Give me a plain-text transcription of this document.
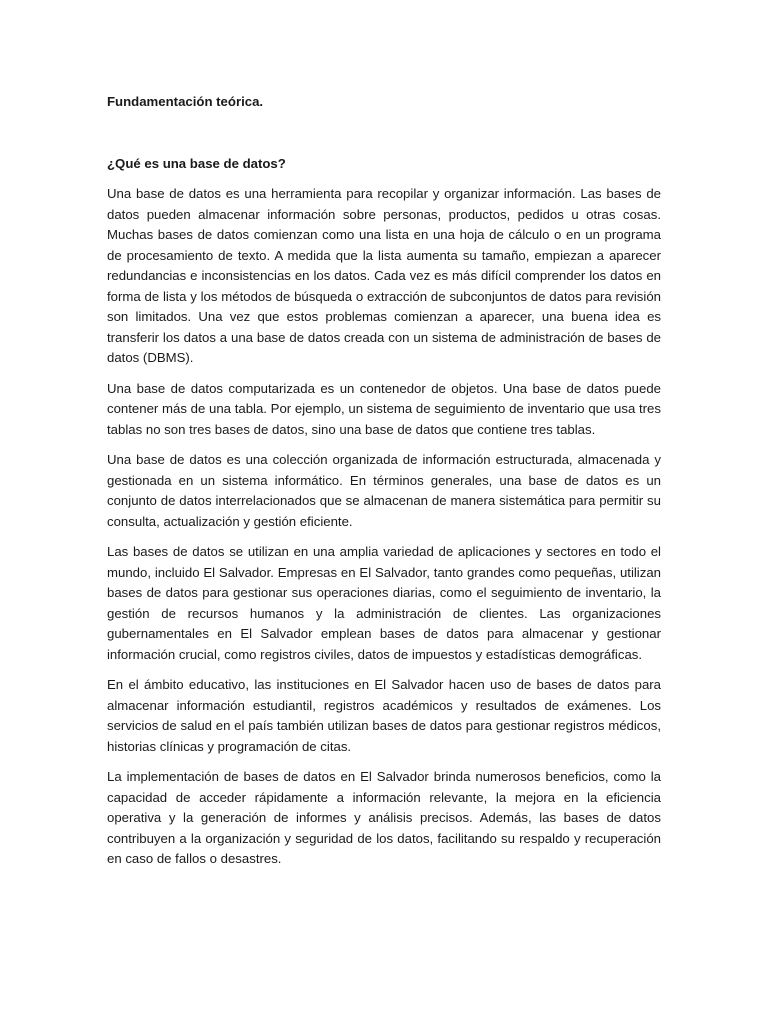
Fundamentación teórica.

¿Qué es una base de datos?

Una base de datos es una herramienta para recopilar y organizar información. Las bases de datos pueden almacenar información sobre personas, productos, pedidos u otras cosas. Muchas bases de datos comienzan como una lista en una hoja de cálculo o en un programa de procesamiento de texto. A medida que la lista aumenta su tamaño, empiezan a aparecer redundancias e inconsistencias en los datos. Cada vez es más difícil comprender los datos en forma de lista y los métodos de búsqueda o extracción de subconjuntos de datos para revisión son limitados. Una vez que estos problemas comienzan a aparecer, una buena idea es transferir los datos a una base de datos creada con un sistema de administración de bases de datos (DBMS).

Una base de datos computarizada es un contenedor de objetos. Una base de datos puede contener más de una tabla. Por ejemplo, un sistema de seguimiento de inventario que usa tres tablas no son tres bases de datos, sino una base de datos que contiene tres tablas.

Una base de datos es una colección organizada de información estructurada, almacenada y gestionada en un sistema informático. En términos generales, una base de datos es un conjunto de datos interrelacionados que se almacenan de manera sistemática para permitir su consulta, actualización y gestión eficiente.

Las bases de datos se utilizan en una amplia variedad de aplicaciones y sectores en todo el mundo, incluido El Salvador. Empresas en El Salvador, tanto grandes como pequeñas, utilizan bases de datos para gestionar sus operaciones diarias, como el seguimiento de inventario, la gestión de recursos humanos y la administración de clientes. Las organizaciones gubernamentales en El Salvador emplean bases de datos para almacenar y gestionar información crucial, como registros civiles, datos de impuestos y estadísticas demográficas.

En el ámbito educativo, las instituciones en El Salvador hacen uso de bases de datos para almacenar información estudiantil, registros académicos y resultados de exámenes. Los servicios de salud en el país también utilizan bases de datos para gestionar registros médicos, historias clínicas y programación de citas.

La implementación de bases de datos en El Salvador brinda numerosos beneficios, como la capacidad de acceder rápidamente a información relevante, la mejora en la eficiencia operativa y la generación de informes y análisis precisos. Además, las bases de datos contribuyen a la organización y seguridad de los datos, facilitando su respaldo y recuperación en caso de fallos o desastres.
